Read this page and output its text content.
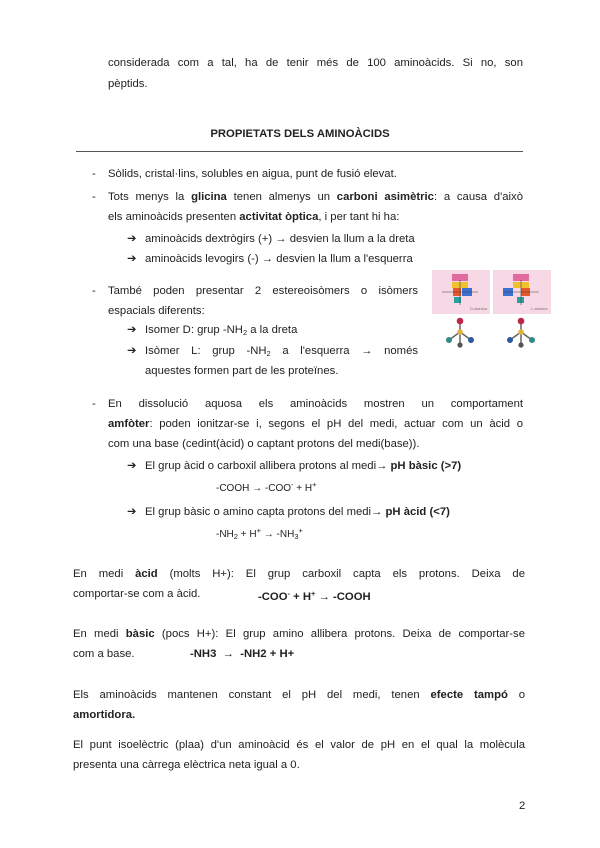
considerada com a tal, ha de tenir més de 100 aminoàcids. Si no, son
pèptids.
PROPIETATS DELS AMINOÀCIDS
- Sòlids, cristal·lins, solubles en aigua, punt de fusió elevat.
- Tots menys la glicina tenen almenys un carboni asimètric: a causa d'això
els aminoàcids presenten activitat òptica, i per tant hi ha:
➔ aminoàcids dextrògirs (+) → desvien la llum a la dreta
➔ aminoàcids levogirs (-) → desvien la llum a l'esquerra
- També poden presentar 2 estereoisòmers o isòmers
espacials diferents:
➔ Isomer D: grup $-NH_2$ a la dreta
➔ Isòmer L: grup $-NH_2$ a l'esquerra → només
aquestes formen part de les proteïnes.
D-alanina	L-alanina
- En dissolució aquosa els aminoàcids mostren un comportament
amfòter: poden ionitzar-se i, segons el pH del medi, actuar com un àcid o
com una base (cedint(àcid) o captant protons del medi(base)).
➔ El grup àcid o carboxil allibera protons al medi→ pH bàsic (>7)
-COOH → -COO- + H+
➔ El grup bàsic o amino capta protons del medi→ pH àcid (<7)
$-NH_2 + H^+ \to -NH_3^+$
En medi àcid (molts H+): El grup carboxil capta els protons. Deixa de
comportar-se com a àcid.	-COO- + H+ → -COOH
En medi bàsic (pocs H+): El grup amino allibera protons. Deixa de comportar-se
com a base.	-NH3  →  -NH2 + H+
Els aminoàcids mantenen constant el pH del medi, tenen efecte tampó o
amortidora.
El punt isoelèctric (plaa) d'un aminoàcid és el valor de pH en el qual la molècula
presenta una càrrega elèctrica neta igual a 0.
2
